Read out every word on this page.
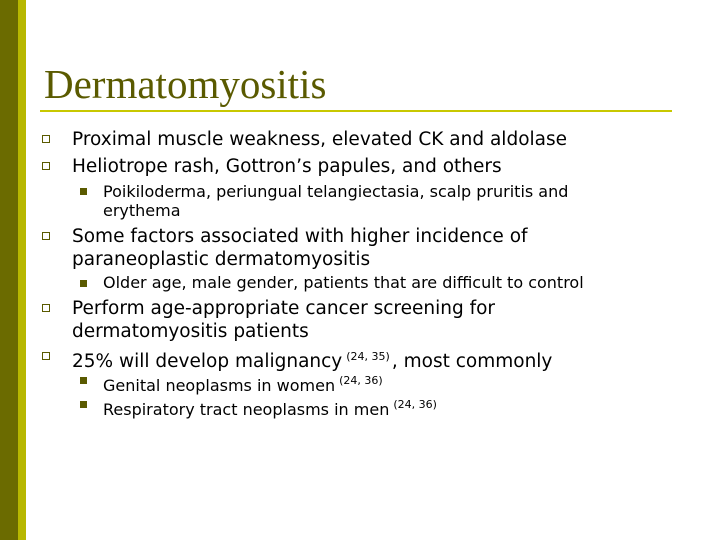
Dermatomyositis
Proximal muscle weakness, elevated CK and aldolase
Heliotrope rash, Gottron’s papules, and others
Poikiloderma, periungual telangiectasia, scalp pruritis and
erythema
Some factors associated with higher incidence of
paraneoplastic dermatomyositis
Older age, male gender, patients that are difficult to control
Perform age-appropriate cancer screening for
dermatomyositis patients
25% will develop malignancy $^{(24, 35)}$ , most commonly
Genital neoplasms in women $^{(24, 36)}$
Respiratory tract neoplasms in men $^{(24, 36)}$
